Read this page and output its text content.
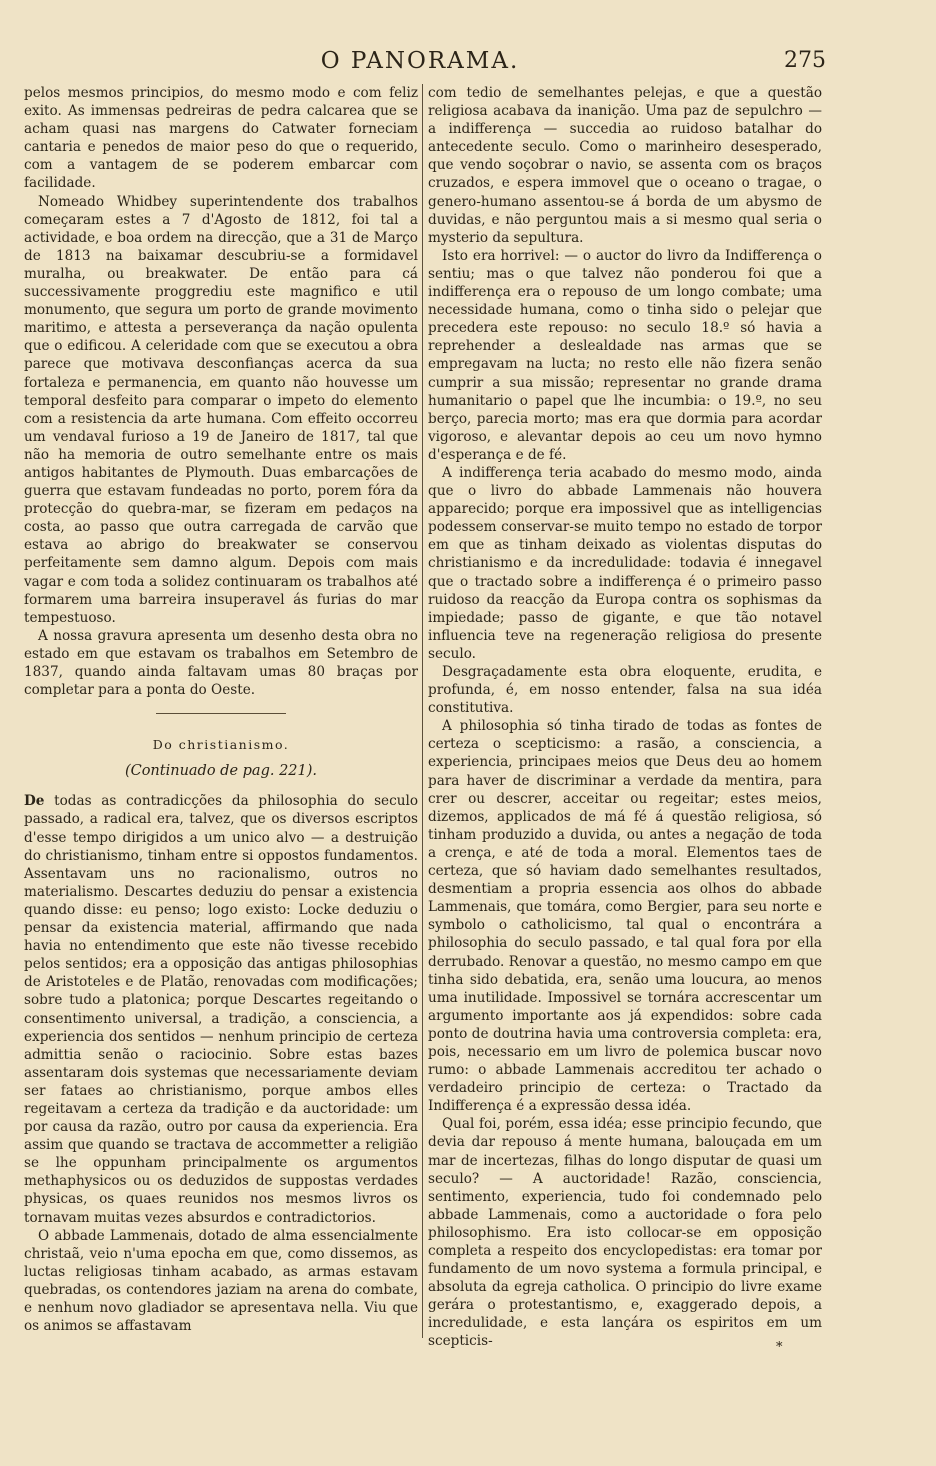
O PANORAMA.	275

pelos mesmos principios, do mesmo modo e com feliz exito. As immensas pedreiras de pedra calcarea que se acham quasi nas margens do Catwater forneciam cantaria e penedos de maior peso do que o requerido, com a vantagem de se poderem embarcar com facilidade.

Nomeado Whidbey superintendente dos trabalhos começaram estes a 7 d'Agosto de 1812, foi tal a actividade, e boa ordem na direcção, que a 31 de Março de 1813 na baixamar descubriu-se a formidavel muralha, ou breakwater. De então para cá successivamente proggrediu este magnifico e util monumento, que segura um porto de grande movimento maritimo, e attesta a perseverança da nação opulenta que o edificou. A celeridade com que se executou a obra parece que motivava desconfianças acerca da sua fortaleza e permanencia, em quanto não houvesse um temporal desfeito para comparar o impeto do elemento com a resistencia da arte humana. Com effeito occorreu um vendaval furioso a 19 de Janeiro de 1817, tal que não ha memoria de outro semelhante entre os mais antigos habitantes de Plymouth. Duas embarcações de guerra que estavam fundeadas no porto, porem fóra da protecção do quebra-mar, se fizeram em pedaços na costa, ao passo que outra carregada de carvão que estava ao abrigo do breakwater se conservou perfeitamente sem damno algum. Depois com mais vagar e com toda a solidez continuaram os trabalhos até formarem uma barreira insuperavel ás furias do mar tempestuoso.

A nossa gravura apresenta um desenho desta obra no estado em que estavam os trabalhos em Setembro de 1837, quando ainda faltavam umas 80 braças por completar para a ponta do Oeste.

Do christianismo.
(Continuado de pag. 221).

De todas as contradicções da philosophia do seculo passado, a radical era, talvez, que os diversos escriptos d'esse tempo dirigidos a um unico alvo — a destruição do christianismo, tinham entre si oppostos fundamentos. Assentavam uns no racionalismo, outros no materialismo. Descartes deduziu do pensar a existencia quando disse: eu penso; logo existo: Locke deduziu o pensar da existencia material, affirmando que nada havia no entendimento que este não tivesse recebido pelos sentidos; era a opposição das antigas philosophias de Aristoteles e de Platão, renovadas com modificações; sobre tudo a platonica; porque Descartes regeitando o consentimento universal, a tradição, a consciencia, a experiencia dos sentidos — nenhum principio de certeza admittia senão o raciocinio. Sobre estas bazes assentaram dois systemas que necessariamente deviam ser fataes ao christianismo, porque ambos elles regeitavam a certeza da tradição e da auctoridade: um por causa da razão, outro por causa da experiencia. Era assim que quando se tractava de accommetter a religião se lhe oppunham principalmente os argumentos methaphysicos ou os deduzidos de suppostas verdades physicas, os quaes reunidos nos mesmos livros os tornavam muitas vezes absurdos e contradictorios.

O abbade Lammenais, dotado de alma essencialmente christaã, veio n'uma epocha em que, como dissemos, as luctas religiosas tinham acabado, as armas estavam quebradas, os contendores jaziam na arena do combate, e nenhum novo gladiador se apresentava nella. Viu que os animos se affastavam

com tedio de semelhantes pelejas, e que a questão religiosa acabava da inanição. Uma paz de sepulchro — a indifferença — succedia ao ruidoso batalhar do antecedente seculo. Como o marinheiro desesperado, que vendo soçobrar o navio, se assenta com os braços cruzados, e espera immovel que o oceano o tragaе, o genero-humano assentou-se á borda de um abysmo de duvidas, e não perguntou mais a si mesmo qual seria o mysterio da sepultura.

Isto era horrivel: — o auctor do livro da Indifferença o sentiu; mas o que talvez não ponderou foi que a indifferença era o repouso de um longo combate; uma necessidade humana, como o tinha sido o pelejar que precedera este repouso: no seculo 18.º só havia a reprehender a deslealdade nas armas que se empregavam na lucta; no resto elle não fizera senão cumprir a sua missão; representar no grande drama humanitario o papel que lhe incumbia: o 19.º, no seu berço, parecia morto; mas era que dormia para acordar vigoroso, e alevantar depois ao ceu um novo hymno d'esperança e de fé.

A indifferença teria acabado do mesmo modo, ainda que o livro do abbade Lammenais não houvera apparecido; porque era impossivel que as intelligencias podessem conservar-se muito tempo no estado de torpor em que as tinham deixado as violentas disputas do christianismo e da incredulidade: todavia é innegavel que o tractado sobre a indifferença é o primeiro passo ruidoso da reacção da Europa contra os sophismas da impiedade; passo de gigante, e que tão notavel influencia teve na regeneração religiosa do presente seculo.

Desgraçadamente esta obra eloquente, erudita, e profunda, é, em nosso entender, falsa na sua idéa constitutiva.

A philosophia só tinha tirado de todas as fontes de certeza o scepticismo: a rasão, a consciencia, a experiencia, principaes meios que Deus deu ao homem para haver de discriminar a verdade da mentira, para crer ou descrer, acceitar ou regeitar; estes meios, dizemos, applicados de má fé á questão religiosa, só tinham produzido a duvida, ou antes a negação de toda a crença, e até de toda a moral. Elementos taes de certeza, que só haviam dado semelhantes resultados, desmentiam a propria essencia aos olhos do abbade Lammenais, que tomára, como Bergier, para seu norte e symbolo o catholicismo, tal qual o encontrára a philosophia do seculo passado, e tal qual fora por ella derrubado. Renovar a questão, no mesmo campo em que tinha sido debatida, era, senão uma loucura, ao menos uma inutilidade. Impossivel se tornára accrescentar um argumento importante aos já expendidos: sobre cada ponto de doutrina havia uma controversia completa: era, pois, necessario em um livro de polemica buscar novo rumo: o abbade Lammenais accreditou ter achado o verdadeiro principio de certeza: o Tractado da Indifferença é a expressão dessa idéa.

Qual foi, porém, essa idéa; esse principio fecundo, que devia dar repouso á mente humana, balouçada em um mar de incertezas, filhas do longo disputar de quasi um seculo? — A auctoridade! Razão, consciencia, sentimento, experiencia, tudo foi condemnado pelo abbade Lammenais, como a auctoridade o fora pelo philosophismo. Era isto collocar-se em opposição completa a respeito dos encyclopedistas: era tomar por fundamento de um novo systema a formula principal, e absoluta da egreja catholica. O principio do livre exame gerára o protestantismo, e, exaggerado depois, a incredulidade, e esta lançára os espiritos em um scepticis-	*
